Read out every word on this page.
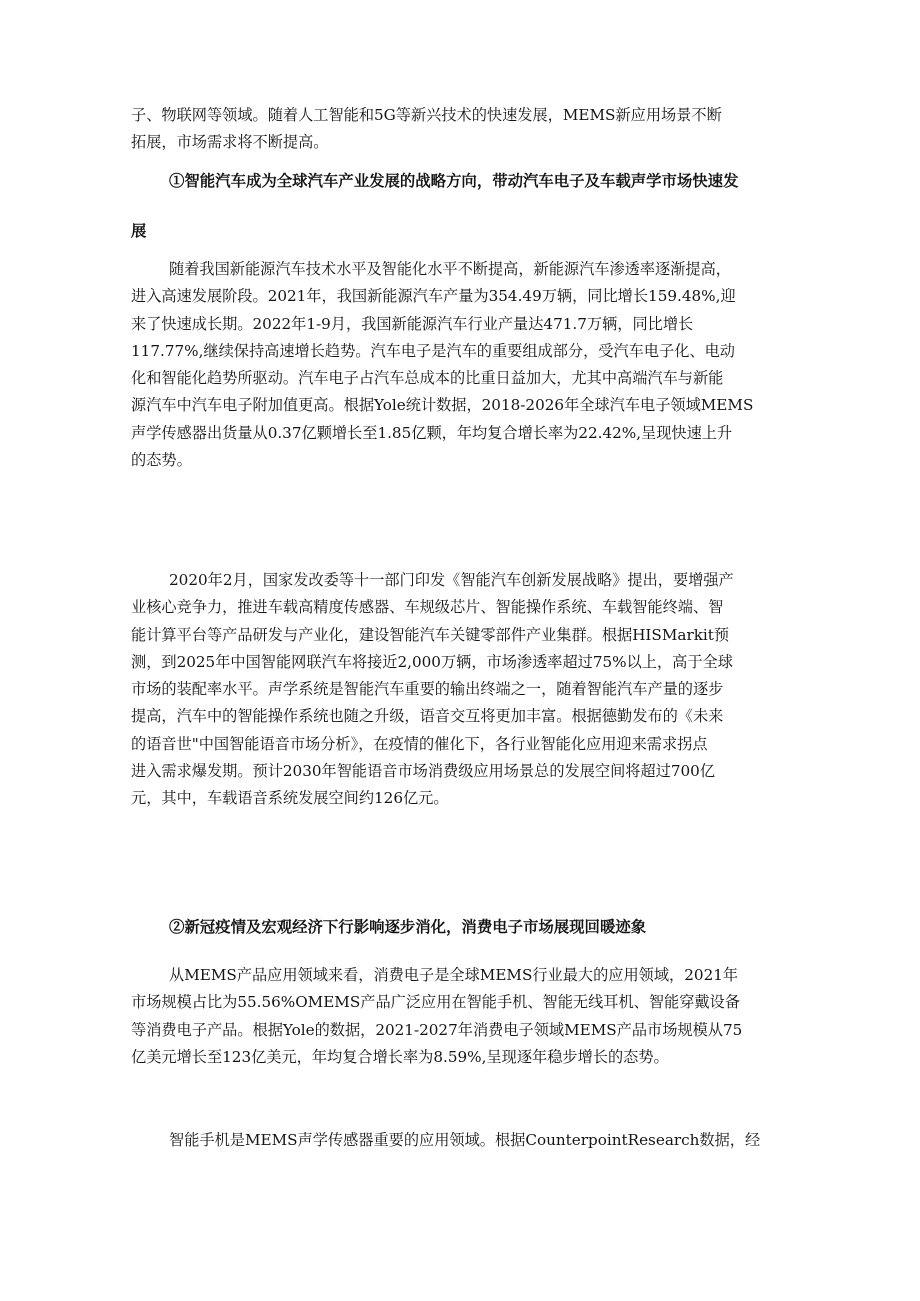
子、物联网等领域。随着人工智能和5G等新兴技术的快速发展，MEMS新应用场景不断
拓展，市场需求将不断提高。
①智能汽车成为全球汽车产业发展的战略方向，带动汽车电子及车载声学市场快速发
展
随着我国新能源汽车技术水平及智能化水平不断提高，新能源汽车渗透率逐渐提高，
进入高速发展阶段。2021年，我国新能源汽车产量为354.49万辆，同比增长159.48%,迎
来了快速成长期。2022年1-9月，我国新能源汽车行业产量达471.7万辆，同比增长
117.77%,继续保持高速增长趋势。汽车电子是汽车的重要组成部分，受汽车电子化、电动
化和智能化趋势所驱动。汽车电子占汽车总成本的比重日益加大，尤其中高端汽车与新能
源汽车中汽车电子附加值更高。根据Yole统计数据，2018-2026年全球汽车电子领域MEMS
声学传感器出货量从0.37亿颗增长至1.85亿颗，年均复合增长率为22.42%,呈现快速上升
的态势。
2020年2月，国家发改委等十一部门印发《智能汽车创新发展战略》提出，要增强产
业核心竞争力，推进车载高精度传感器、车规级芯片、智能操作系统、车载智能终端、智
能计算平台等产品研发与产业化，建设智能汽车关键零部件产业集群。根据HISMarkit预
测，到2025年中国智能网联汽车将接近2,000万辆，市场渗透率超过75%以上，高于全球
市场的装配率水平。声学系统是智能汽车重要的输出终端之一，随着智能汽车产量的逐步
提高，汽车中的智能操作系统也随之升级，语音交互将更加丰富。根据德勤发布的《未来
的语音世"中国智能语音市场分析》，在疫情的催化下，各行业智能化应用迎来需求拐点
进入需求爆发期。预计2030年智能语音市场消费级应用场景总的发展空间将超过700亿
元，其中，车载语音系统发展空间约126亿元。
②新冠疫情及宏观经济下行影响逐步消化，消费电子市场展现回暖迹象
从MEMS产品应用领域来看，消费电子是全球MEMS行业最大的应用领域，2021年
市场规模占比为55.56%OMEMS产品广泛应用在智能手机、智能无线耳机、智能穿戴设备
等消费电子产品。根据Yole的数据，2021-2027年消费电子领域MEMS产品市场规模从75
亿美元增长至123亿美元，年均复合增长率为8.59%,呈现逐年稳步增长的态势。
智能手机是MEMS声学传感器重要的应用领域。根据CounterpointResearch数据，经
